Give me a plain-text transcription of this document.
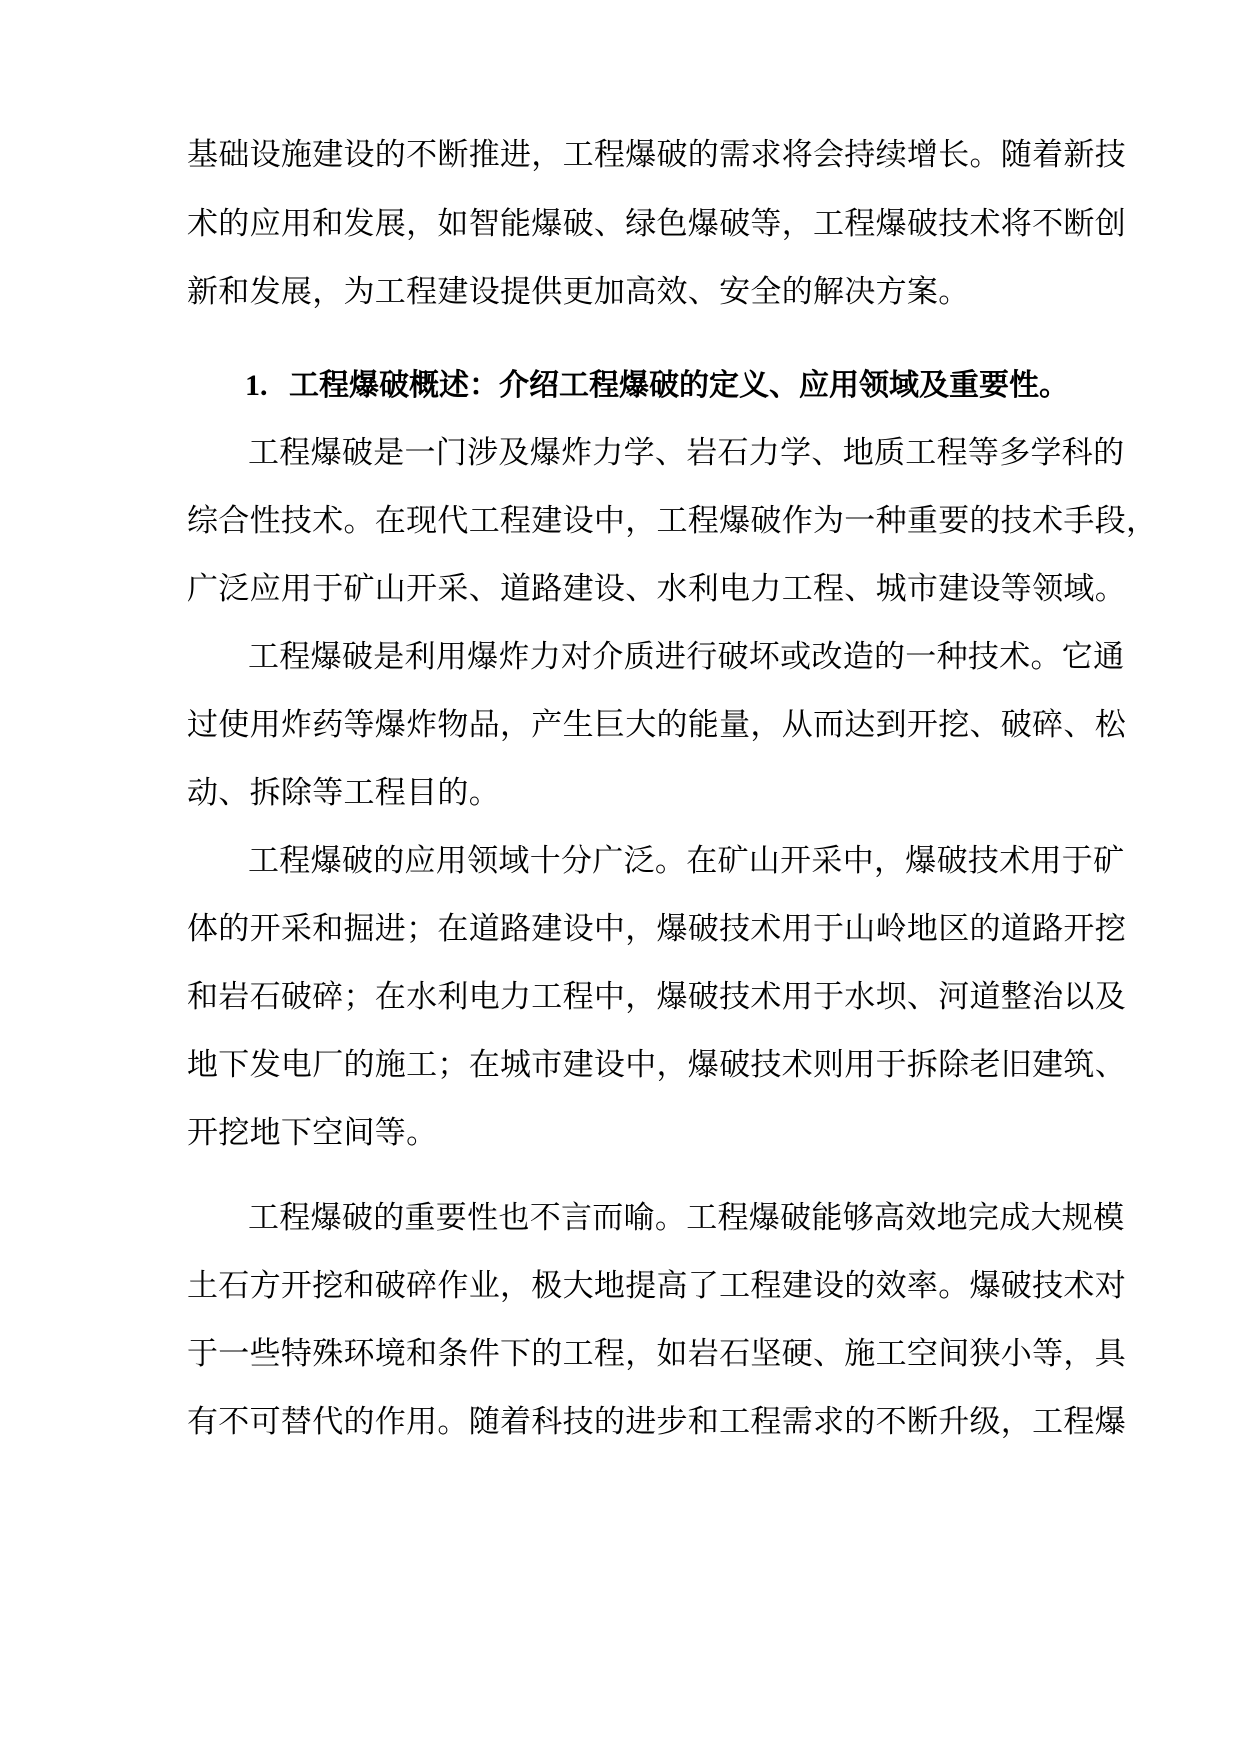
基础设施建设的不断推进，工程爆破的需求将会持续增长。随着新技
术的应用和发展，如智能爆破、绿色爆破等，工程爆破技术将不断创
新和发展，为工程建设提供更加高效、安全的解决方案。
1. 工程爆破概述：介绍工程爆破的定义、应用领域及重要性。
工程爆破是一门涉及爆炸力学、岩石力学、地质工程等多学科的
综合性技术。在现代工程建设中，工程爆破作为一种重要的技术手段，
广泛应用于矿山开采、道路建设、水利电力工程、城市建设等领域。
工程爆破是利用爆炸力对介质进行破坏或改造的一种技术。它通
过使用炸药等爆炸物品，产生巨大的能量，从而达到开挖、破碎、松
动、拆除等工程目的。
工程爆破的应用领域十分广泛。在矿山开采中，爆破技术用于矿
体的开采和掘进；在道路建设中，爆破技术用于山岭地区的道路开挖
和岩石破碎；在水利电力工程中，爆破技术用于水坝、河道整治以及
地下发电厂的施工；在城市建设中，爆破技术则用于拆除老旧建筑、
开挖地下空间等。
工程爆破的重要性也不言而喻。工程爆破能够高效地完成大规模
土石方开挖和破碎作业，极大地提高了工程建设的效率。爆破技术对
于一些特殊环境和条件下的工程，如岩石坚硬、施工空间狭小等，具
有不可替代的作用。随着科技的进步和工程需求的不断升级，工程爆
